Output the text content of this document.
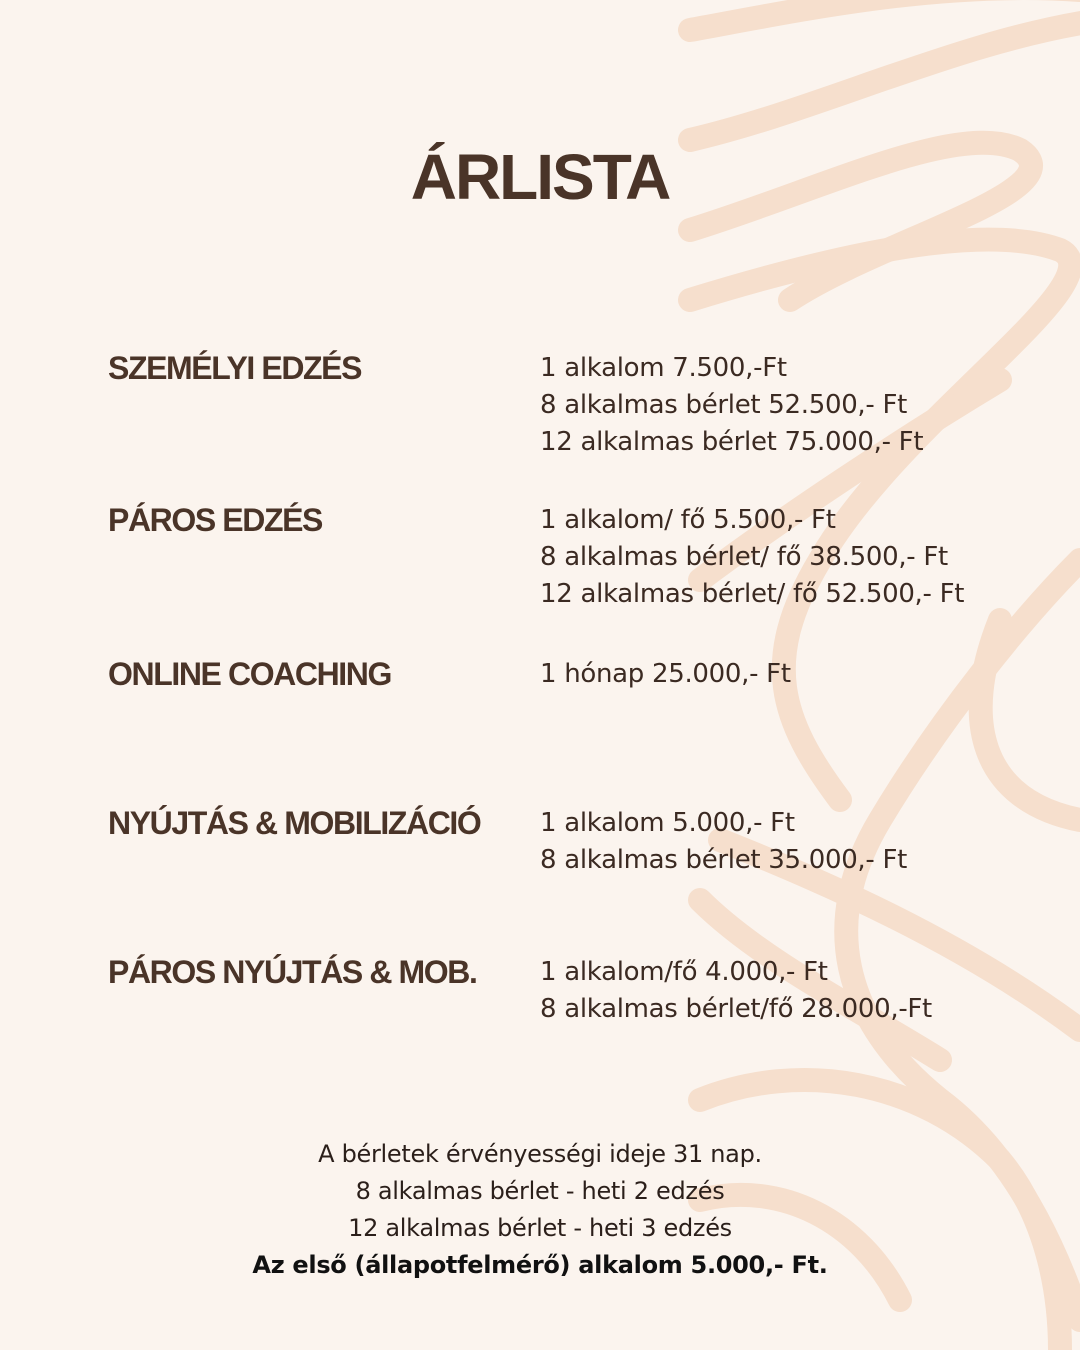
ÁRLISTA
SZEMÉLYI EDZÉS	1 alkalom 7.500,-Ft
8 alkalmas bérlet 52.500,- Ft
12 alkalmas bérlet 75.000,- Ft
PÁROS EDZÉS	1 alkalom/ fő 5.500,- Ft
8 alkalmas bérlet/ fő 38.500,- Ft
12 alkalmas bérlet/ fő 52.500,- Ft
ONLINE COACHING	1 hónap 25.000,- Ft
NYÚJTÁS & MOBILIZÁCIÓ 1 alkalom 5.000,- Ft
8 alkalmas bérlet 35.000,- Ft
PÁROS NYÚJTÁS & MOB. 1 alkalom/fő 4.000,- Ft
8 alkalmas bérlet/fő 28.000,-Ft
A bérletek érvényességi ideje 31 nap.
8 alkalmas bérlet - heti 2 edzés
12 alkalmas bérlet - heti 3 edzés
Az első (állapotfelmérő) alkalom 5.000,- Ft.
